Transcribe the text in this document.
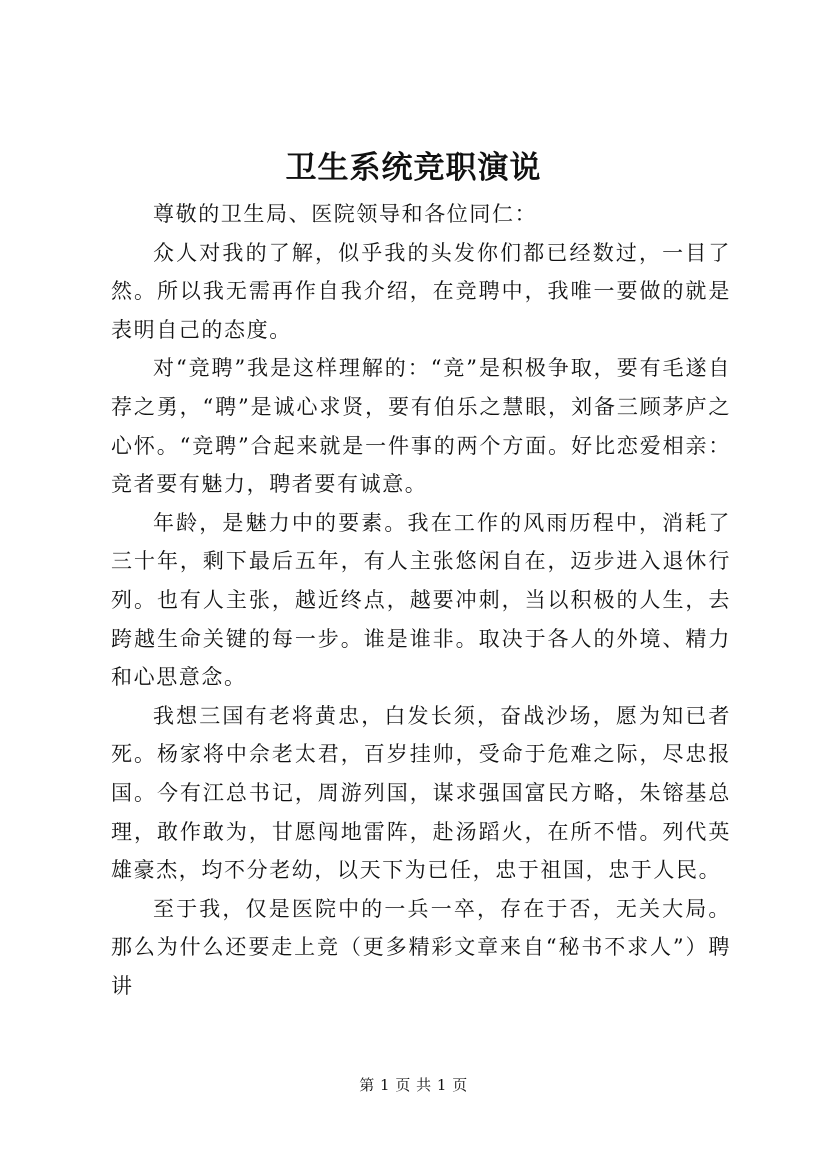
卫生系统竞职演说

尊敬的卫生局、医院领导和各位同仁：

众人对我的了解，似乎我的头发你们都已经数过，一目了然。所以我无需再作自我介绍，在竞聘中，我唯一要做的就是表明自己的态度。

对“竞聘”我是这样理解的：“竞”是积极争取，要有毛遂自荐之勇，“聘”是诚心求贤，要有伯乐之慧眼，刘备三顾茅庐之心怀。“竞聘”合起来就是一件事的两个方面。好比恋爱相亲：竞者要有魅力，聘者要有诚意。

年龄，是魅力中的要素。我在工作的风雨历程中，消耗了三十年，剩下最后五年，有人主张悠闲自在，迈步进入退休行列。也有人主张，越近终点，越要冲刺，当以积极的人生，去跨越生命关键的每一步。谁是谁非。取决于各人的外境、精力和心思意念。

我想三国有老将黄忠，白发长须，奋战沙场，愿为知已者死。杨家将中佘老太君，百岁挂帅，受命于危难之际，尽忠报国。今有江总书记，周游列国，谋求强国富民方略，朱镕基总理，敢作敢为，甘愿闯地雷阵，赴汤蹈火，在所不惜。列代英雄豪杰，均不分老幼，以天下为已任，忠于祖国，忠于人民。

至于我，仅是医院中的一兵一卒，存在于否，无关大局。那么为什么还要走上竞（更多精彩文章来自“秘书不求人”）聘讲

第 1 页 共 1 页
